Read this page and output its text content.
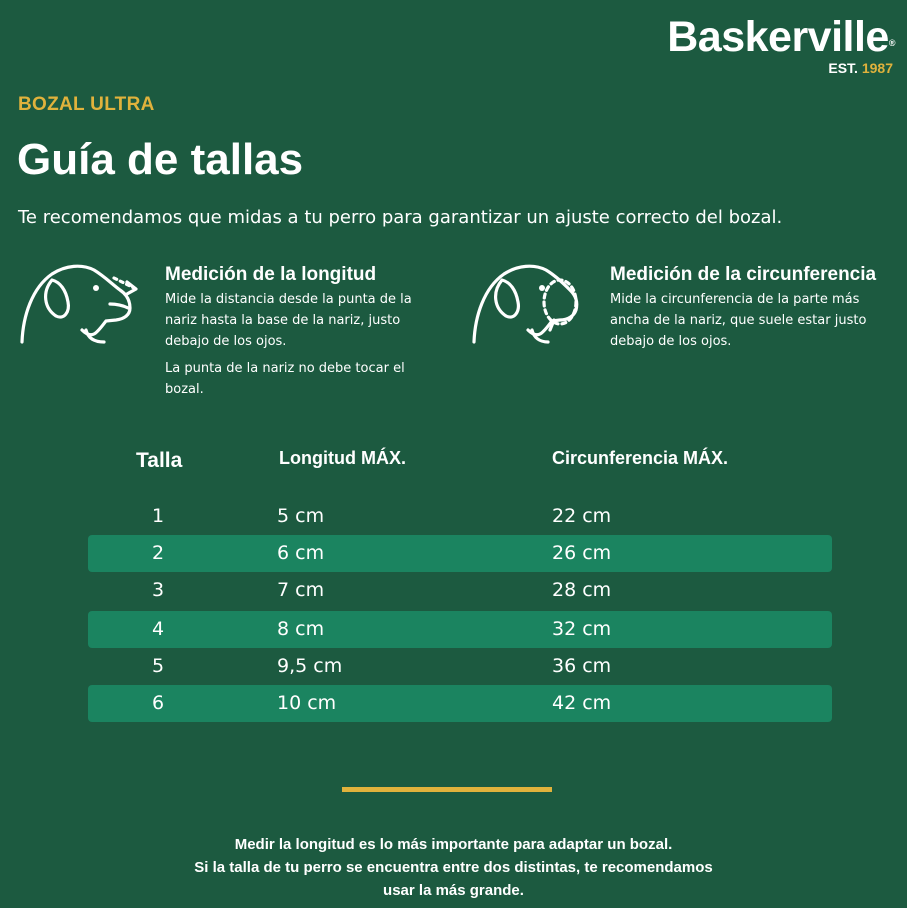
Baskerville®
EST. 1987
BOZAL ULTRA
Guía de tallas
Te recomendamos que midas a tu perro para garantizar un ajuste correcto del bozal.
Medición de la longitud
Mide la distancia desde la punta de la
nariz hasta la base de la nariz, justo
debajo de los ojos.
La punta de la nariz no debe tocar el
bozal.
Medición de la circunferencia
Mide la circunferencia de la parte más
ancha de la nariz, que suele estar justo
debajo de los ojos.
Talla	Longitud MÁX.	Circunferencia MÁX.
1	5 cm	22 cm
2	6 cm	26 cm
3	7 cm	28 cm
4	8 cm	32 cm
5	9,5 cm	36 cm
6	10 cm	42 cm
Medir la longitud es lo más importante para adaptar un bozal.
Si la talla de tu perro se encuentra entre dos distintas, te recomendamos
usar la más grande.
